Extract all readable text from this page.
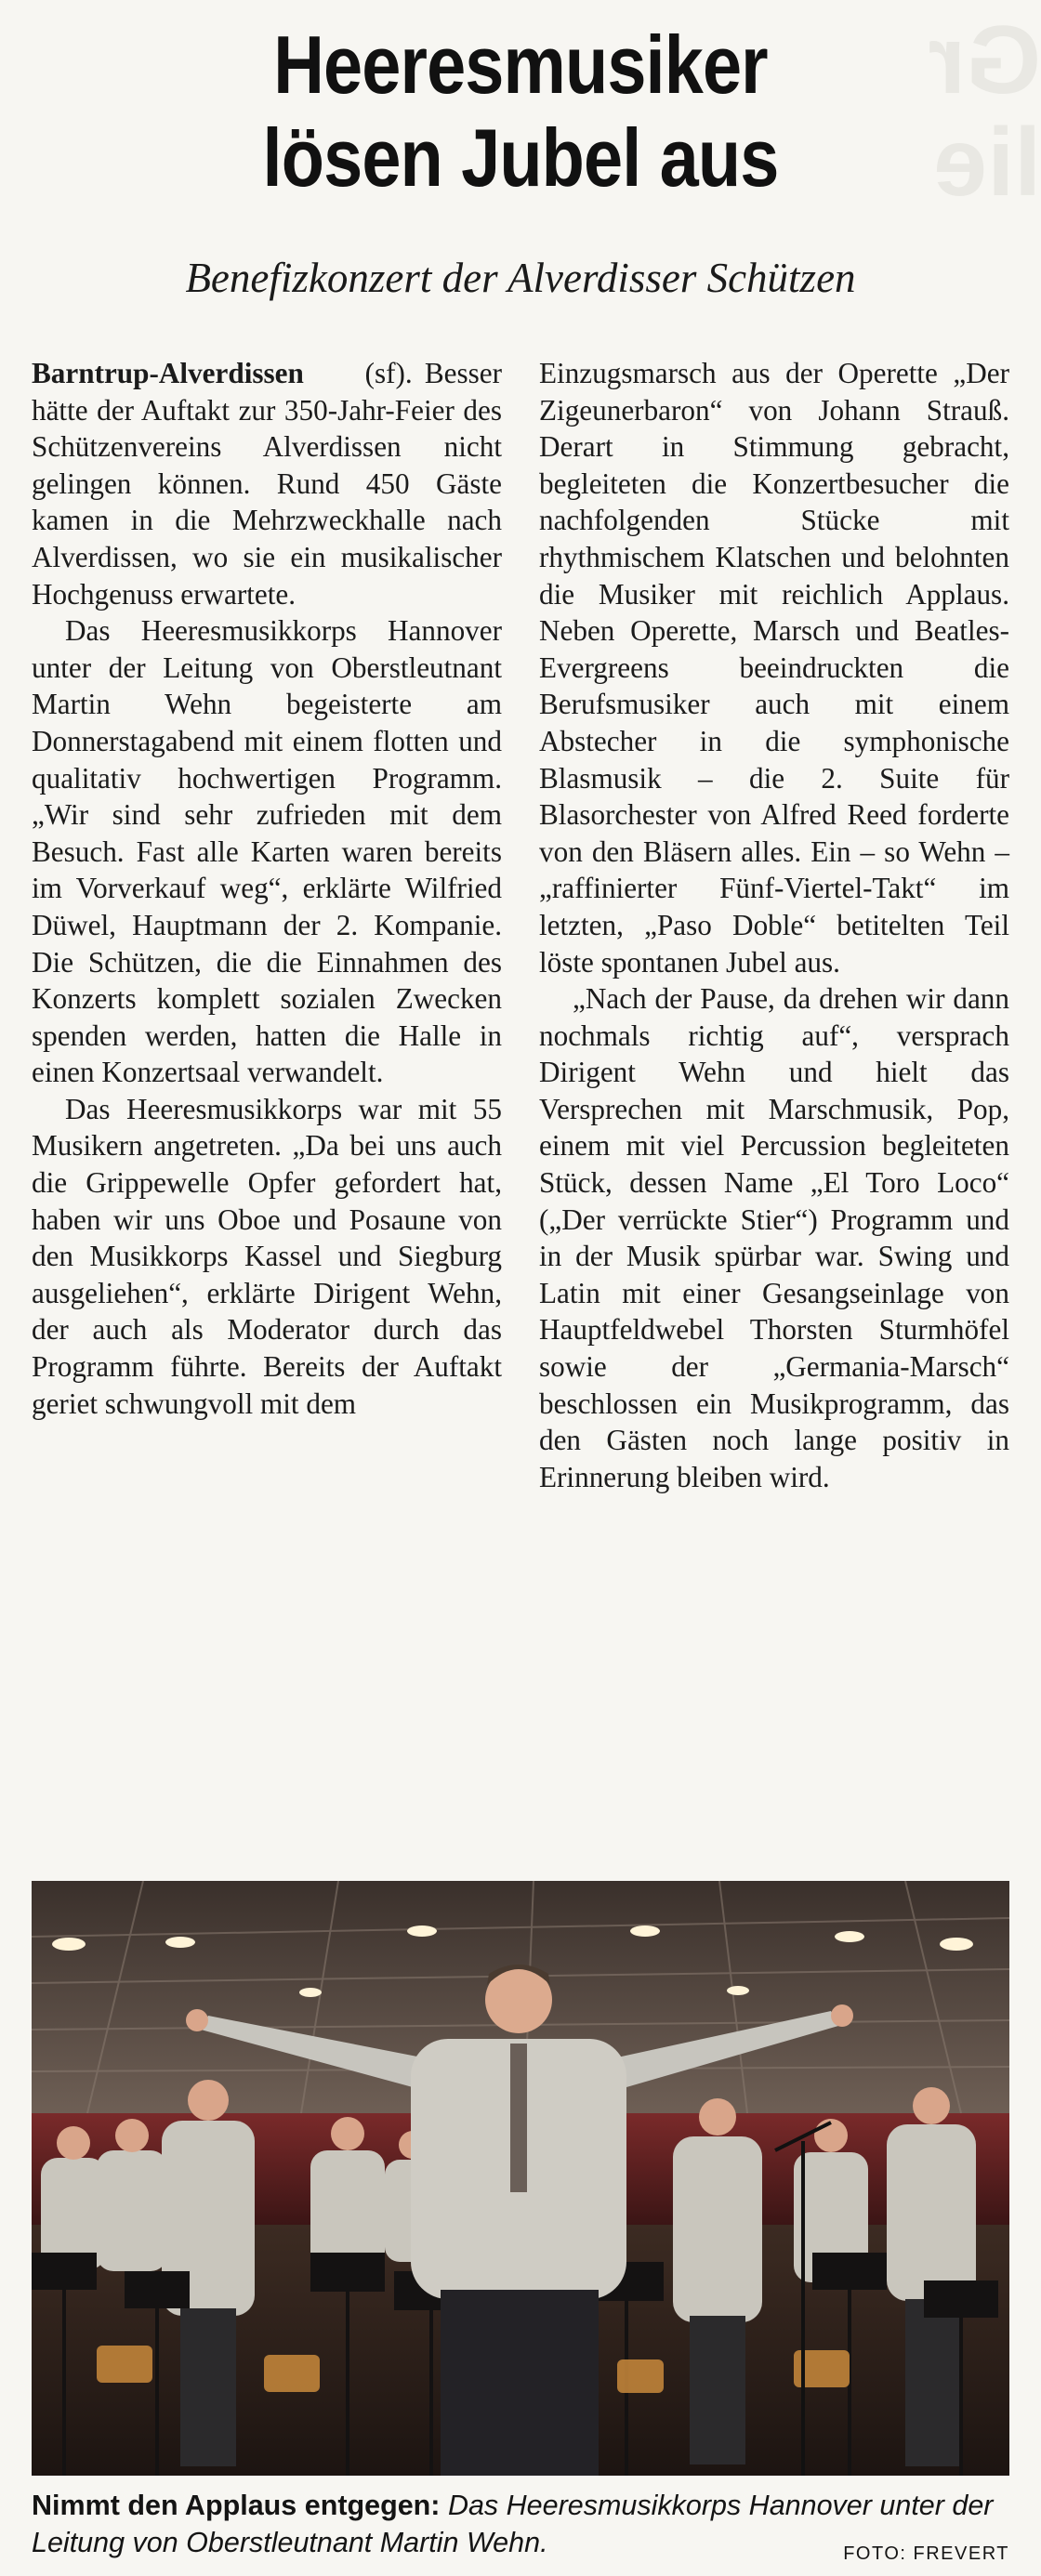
Gr
lie
Heeresmusiker
lösen Jubel aus
Benefizkonzert der Alverdisser Schützen

Barntrup-Alverdissen (sf). Besser hätte der Auftakt zur 350-Jahr-Feier des Schützenvereins Alverdissen nicht gelingen können. Rund 450 Gäste kamen in die Mehrzweckhalle nach Alverdissen, wo sie ein musikalischer Hochgenuss erwartete.

Das Heeresmusikkorps Hannover unter der Leitung von Oberstleutnant Martin Wehn begeisterte am Donnerstagabend mit einem flotten und qualitativ hochwertigen Programm. „Wir sind sehr zufrieden mit dem Besuch. Fast alle Karten waren bereits im Vorverkauf weg“, erklärte Wilfried Düwel, Hauptmann der 2. Kompanie. Die Schützen, die die Einnahmen des Konzerts komplett sozialen Zwecken spenden werden, hatten die Halle in einen Konzertsaal verwandelt.

Das Heeresmusikkorps war mit 55 Musikern angetreten. „Da bei uns auch die Grippewelle Opfer gefordert hat, haben wir uns Oboe und Posaune von den Musikkorps Kassel und Siegburg ausgeliehen“, erklärte Dirigent Wehn, der auch als Moderator durch das Programm führte. Bereits der Auftakt geriet schwungvoll mit dem

Einzugsmarsch aus der Operette „Der Zigeunerbaron“ von Johann Strauß. Derart in Stimmung gebracht, begleiteten die Konzertbesucher die nachfolgenden Stücke mit rhythmischem Klatschen und belohnten die Musiker mit reichlich Applaus. Neben Operette, Marsch und Beatles-Evergreens beeindruckten die Berufsmusiker auch mit einem Abstecher in die symphonische Blasmusik – die 2. Suite für Blasorchester von Alfred Reed forderte von den Bläsern alles. Ein – so Wehn – „raffinierter Fünf-Viertel-Takt“ im letzten, „Paso Doble“ betitelten Teil löste spontanen Jubel aus.

„Nach der Pause, da drehen wir dann nochmals richtig auf“, versprach Dirigent Wehn und hielt das Versprechen mit Marschmusik, Pop, einem mit viel Percussion begleiteten Stück, dessen Name „El Toro Loco“ („Der verrückte Stier“) Programm und in der Musik spürbar war. Swing und Latin mit einer Gesangseinlage von Hauptfeldwebel Thorsten Sturmhöfel sowie der „Germania-Marsch“ beschlossen ein Musikprogramm, das den Gästen noch lange positiv in Erinnerung bleiben wird.

Nimmt den Applaus entgegen: Das Heeresmusikkorps Hannover unter der Leitung von Oberstleutnant Martin Wehn.	FOTO: FREVERT
